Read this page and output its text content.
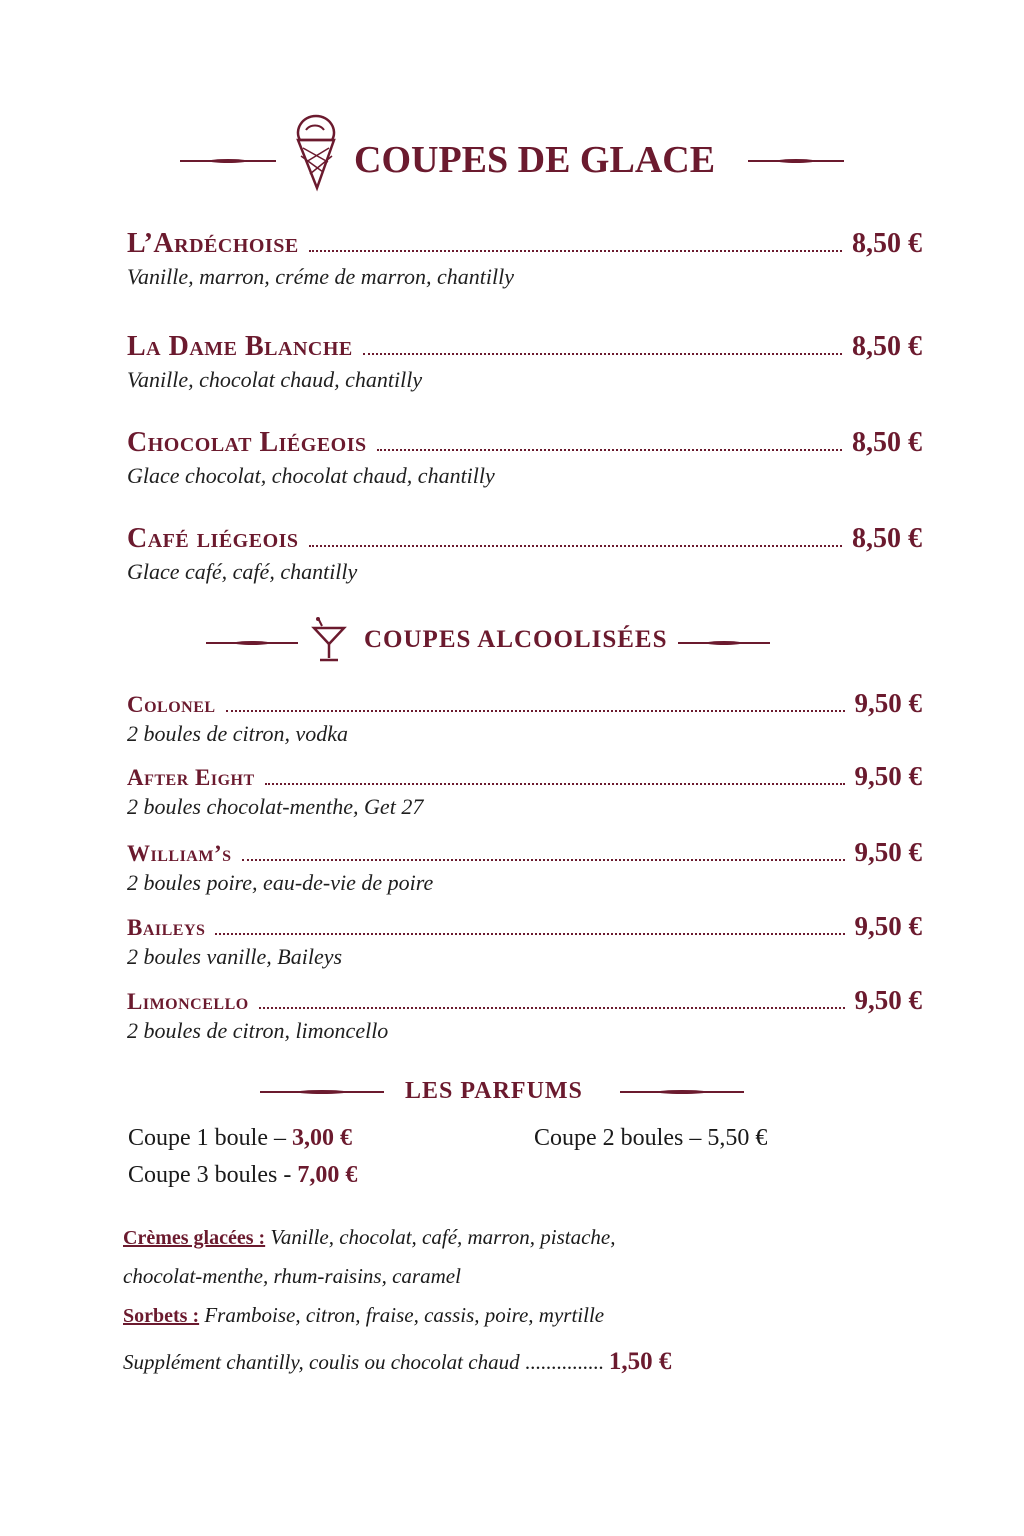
COUPES DE GLACE
L’Ardéchoise	8,50 €
Vanille, marron, créme de marron, chantilly
La Dame Blanche	8,50 €
Vanille, chocolat chaud, chantilly
Chocolat Liégeois	8,50 €
Glace chocolat, chocolat chaud, chantilly
Café liégeois	8,50 €
Glace café, café, chantilly
COUPES ALCOOLISÉES
Colonel	9,50 €
2 boules de citron, vodka
After Eight	9,50 €
2 boules chocolat-menthe, Get 27
William’s	9,50 €
2 boules poire, eau-de-vie de poire
Baileys	9,50 €
2 boules vanille, Baileys
Limoncello	9,50 €
2 boules de citron, limoncello
LES PARFUMS
Coupe 1 boule – 3,00 €	Coupe 2 boules – 5,50 €
Coupe 3 boules - 7,00 €
Crèmes glacées : Vanille, chocolat, café, marron, pistache,
chocolat-menthe, rhum-raisins, caramel
Sorbets : Framboise, citron, fraise, cassis, poire, myrtille
Supplément chantilly, coulis ou chocolat chaud ............... 1,50 €
